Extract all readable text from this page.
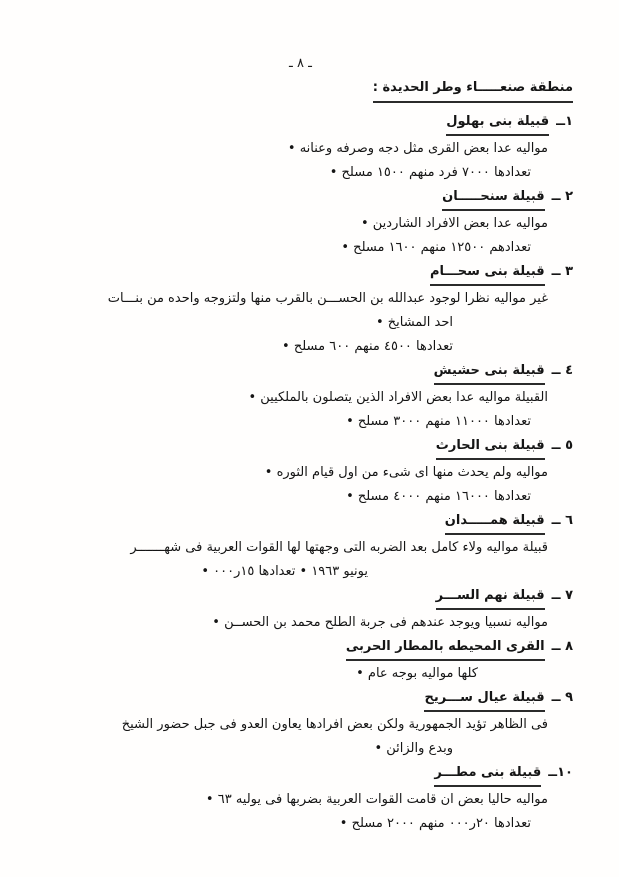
ـ ٨ ـ
منطقة صنعـــــاء وطر الحديدة :
١ــقبيلة بنى بهلول
مواليه عدا بعض القرى مثل دجه وصرفه وعنانه •
تعدادها ٧٠٠٠ فرد منهم ١٥٠٠ مسلح •
٢ ــقبيلة سنحـــــان
مواليه عدا بعض الافراد الشاردين •
تعدادهم ١٢٥٠٠ منهم ١٦٠٠ مسلح •
٣ ــقبيلة بنى سحـــام
غير مواليه نظرا لوجود عبدالله بن الحســـن بالقرب منها ولتزوجه واحده من بنـــات
احد المشايخ •
تعدادها ٤٥٠٠ منهم ٦٠٠ مسلح •
٤ ــقبيلة بنى حشيش
القبيلة مواليه عدا بعض الافراد الذين يتصلون بالملكيين •
تعدادها ١١٠٠٠ منهم ٣٠٠٠ مسلح •
٥ ــقبيلة بنى الحارث
مواليه ولم يحدث منها اى شىء من اول قيام الثوره •
تعدادها ١٦٠٠٠ منهم ٤٠٠٠ مسلح •
٦ ــقبيلة همـــــدان
قبيلة مواليه ولاء كامل بعد الضربه التى وجهتها لها القوات العربية فى شهـــــــر
يونيو ١٩٦٣ • تعدادها ١٥ر٠٠٠ •
٧ ــقبيلة نهم الســـر
مواليه نسبيا ويوجد عندهم فى جربة الطلح محمد بن الحســن •
٨ ــالقرى المحيطه بالمطار الحربى
كلها مواليه بوجه عام •
٩ ــقبيلة عيال ســـريح
فى الظاهر تؤيد الجمهورية ولكن بعض افرادها يعاون العدو فى جبل حضور الشيخ
وبدع والزائن •
١٠ــقبيلة بنى مطـــر
مواليه حاليا بعض ان قامت القوات العربية بضربها فى يوليه ٦٣ •
تعدادها ٢٠ر٠٠٠ منهم ٢٠٠٠ مسلح •
